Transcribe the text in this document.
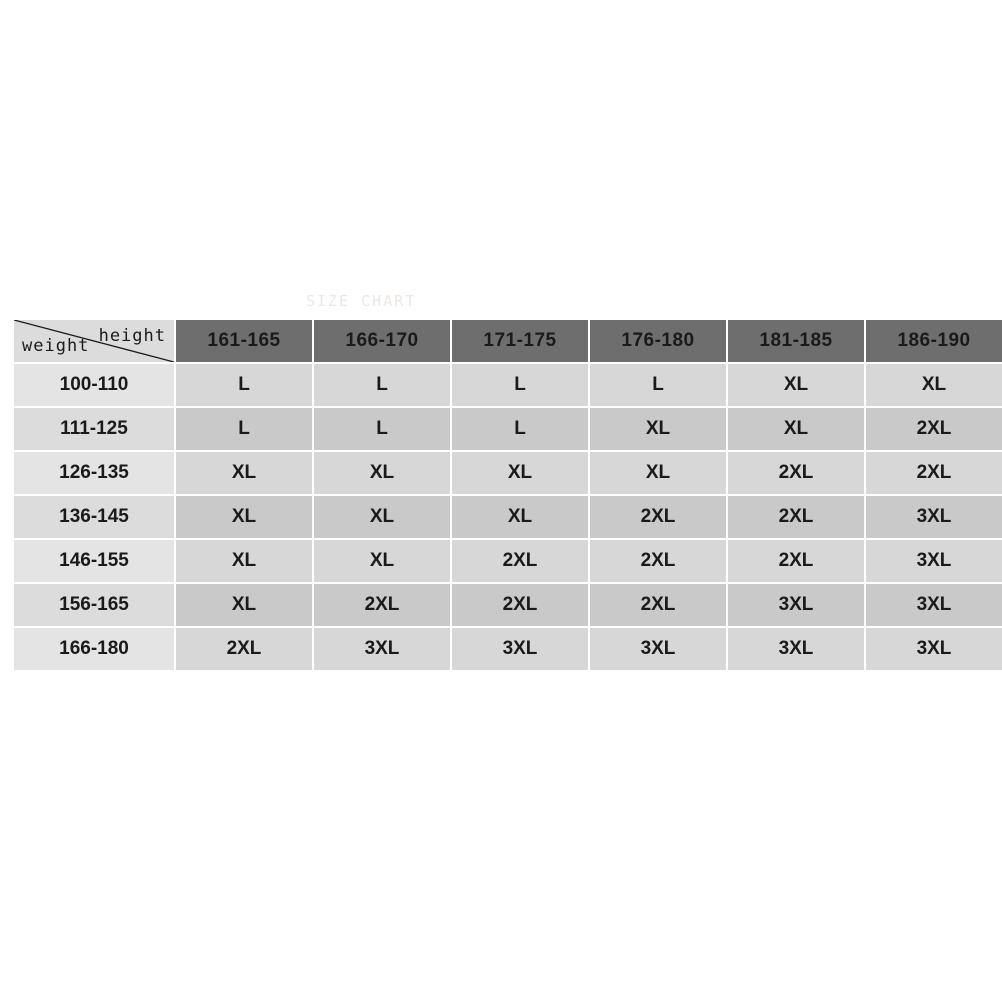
SIZE CHART
height
weight	161-165	166-170	171-175	176-180	181-185	186-190
100-110	L	L	L	L	XL	XL
111-125	L	L	L	XL	XL	2XL
126-135	XL	XL	XL	XL	2XL	2XL
136-145	XL	XL	XL	2XL	2XL	3XL
146-155	XL	XL	2XL	2XL	2XL	3XL
156-165	XL	2XL	2XL	2XL	3XL	3XL
166-180	2XL	3XL	3XL	3XL	3XL	3XL
